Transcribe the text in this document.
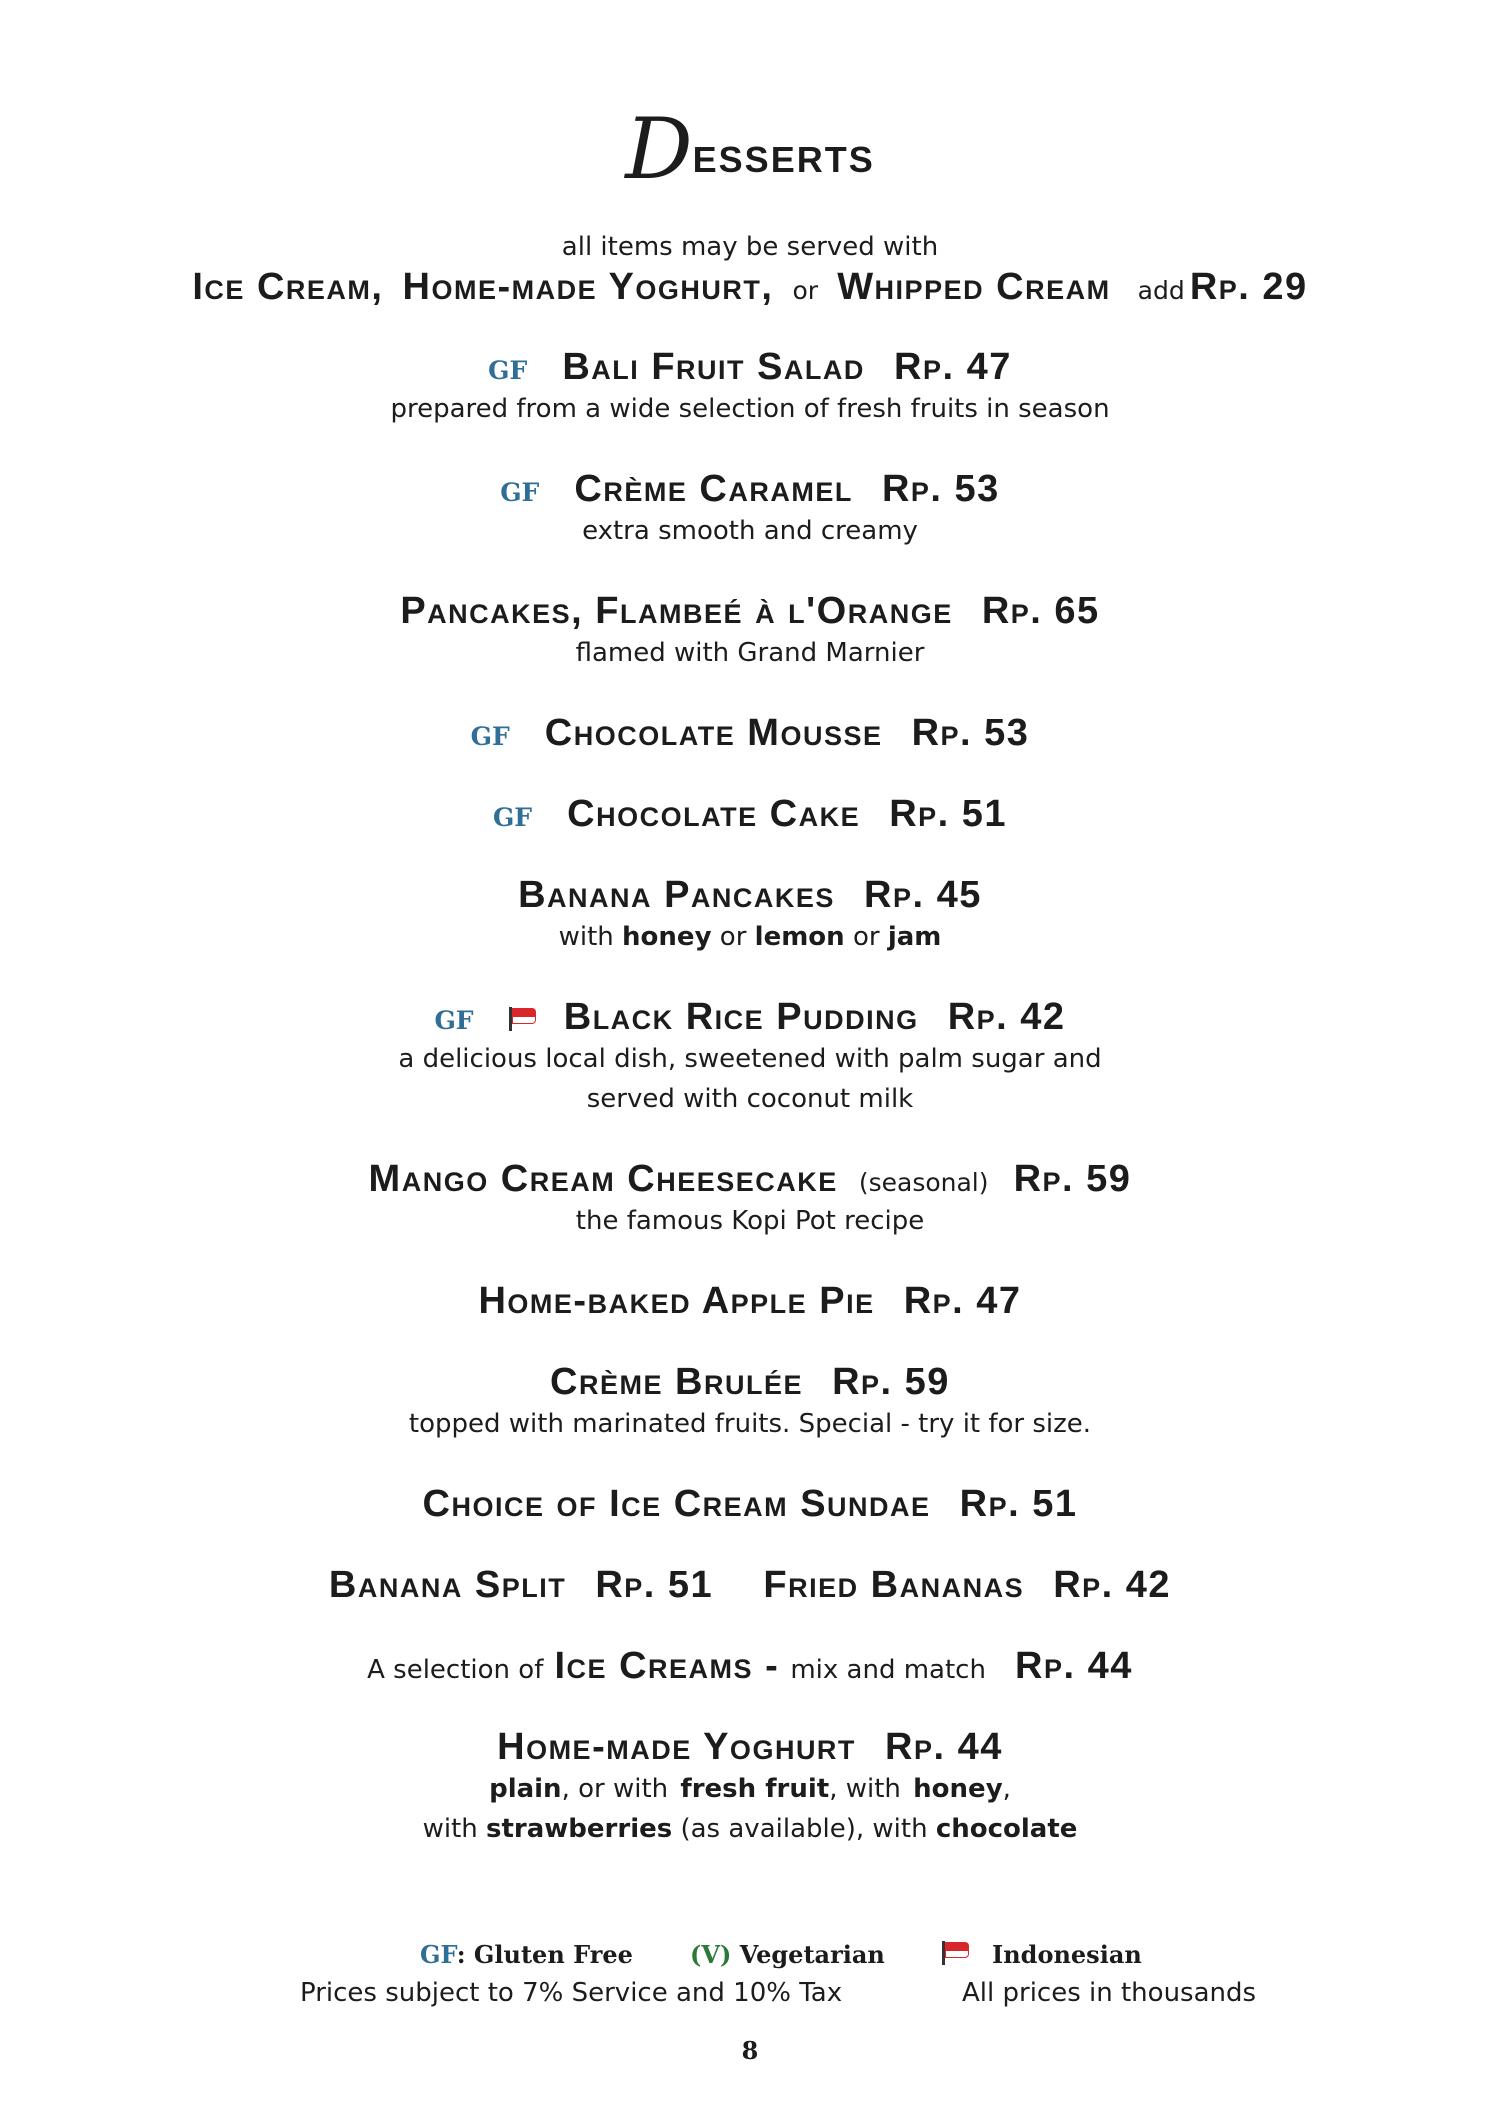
Desserts
all items may be served with
Ice Cream, Home-made Yoghurt, or Whipped Cream add Rp. 29
GF Bali Fruit Salad Rp. 47
prepared from a wide selection of fresh fruits in season
GF Crème Caramel Rp. 53
extra smooth and creamy
Pancakes, Flambeé à l'Orange Rp. 65
flamed with Grand Marnier
GF Chocolate Mousse Rp. 53
GF Chocolate Cake Rp. 51
Banana Pancakes Rp. 45
with honey or lemon or jam
GF Black Rice Pudding Rp. 42
a delicious local dish, sweetened with palm sugar and
served with coconut milk
Mango Cream Cheesecake (seasonal) Rp. 59
the famous Kopi Pot recipe
Home-baked Apple Pie Rp. 47
Crème Brulée Rp. 59
topped with marinated fruits. Special - try it for size.
Choice of Ice Cream Sundae Rp. 51
Banana Split Rp. 51 Fried Bananas Rp. 42
A selection of Ice Creams - mix and match Rp. 44
Home-made Yoghurt Rp. 44
plain, or with fresh fruit, with honey,
with strawberries (as available), with chocolate
GF: Gluten Free (V) Vegetarian	Indonesian
Prices subject to 7% Service and 10% Tax	All prices in thousands
8
